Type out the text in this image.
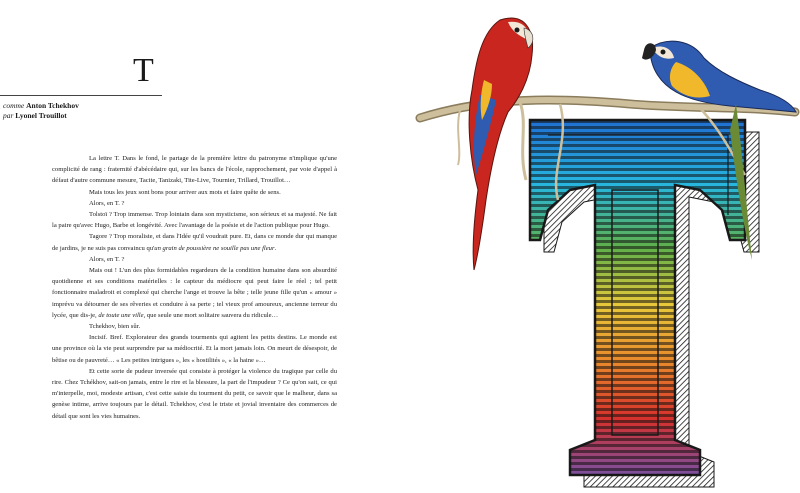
T
comme Anton Tchekhov
par Lyonel Trouillot

La lettre T. Dans le fond, le partage de la première lettre du patronyme n'implique qu'une complicité de rang : fraternité d'abécédaire qui, sur les bancs de l'école, rapprochement, par voie d'appel à défaut d'autre commune mesure, Tacite, Tanizaki, Tite-Live, Tournier, Trillard, Trouillot…

Mais tous les jeux sont bons pour arriver aux mots et faire quête de sens.

Alors, en T. ?

Tolstoï ? Trop immense. Trop lointain dans son mysticisme, son sérieux et sa majesté. Ne fait la paire qu'avec Hugo, Barbe et longévité. Avec l'avantage de la poésie et de l'action publique pour Hugo.

Tagore ? Trop moraliste, et dans l'Idée qu'il voudrait pure. Et, dans ce monde dur qui manque de jardins, je ne suis pas convaincu qu'un grain de poussière ne souille pas une fleur.

Alors, en T. ?

Mais oui ! L'un des plus formidables regardeurs de la condition humaine dans son absurdité quotidienne et ses conditions matérielles : le capteur du médiocre qui peut faire le réel ; tel petit fonctionnaire maladroit et complexé qui cherche l'ange et trouve la bête ; telle jeune fille qu'un « amour » imprévu va détourner de ses rêveries et conduire à sa perte ; tel vieux prof amoureux, ancienne terreur du lycée, que dis-je, de toute une ville, que seule une mort solitaire sauvera du ridicule…

Tchekhov, bien sûr.

Incisif. Bref. Explorateur des grands tourments qui agitent les petits destins. Le monde est une province où la vie peut surprendre par sa médiocrité. Et la mort jamais loin. On meurt de désespoir, de bêtise ou de pauvreté… « Les petites intrigues », les « hostilités », « la haine »…

Et cette sorte de pudeur inversée qui consiste à protéger la violence du tragique par celle du rire. Chez Tchékhov, sait-on jamais, entre le rire et la blessure, la part de l'impudeur ? Ce qu'on sait, ce qui m'interpelle, moi, modeste artisan, c'est cette saisie du tourment du petit, ce savoir que le malheur, dans sa genèse intime, arrive toujours par le détail. Tchekhov, c'est le triste et jovial inventaire des commerces de détail que sont les vies humaines.
